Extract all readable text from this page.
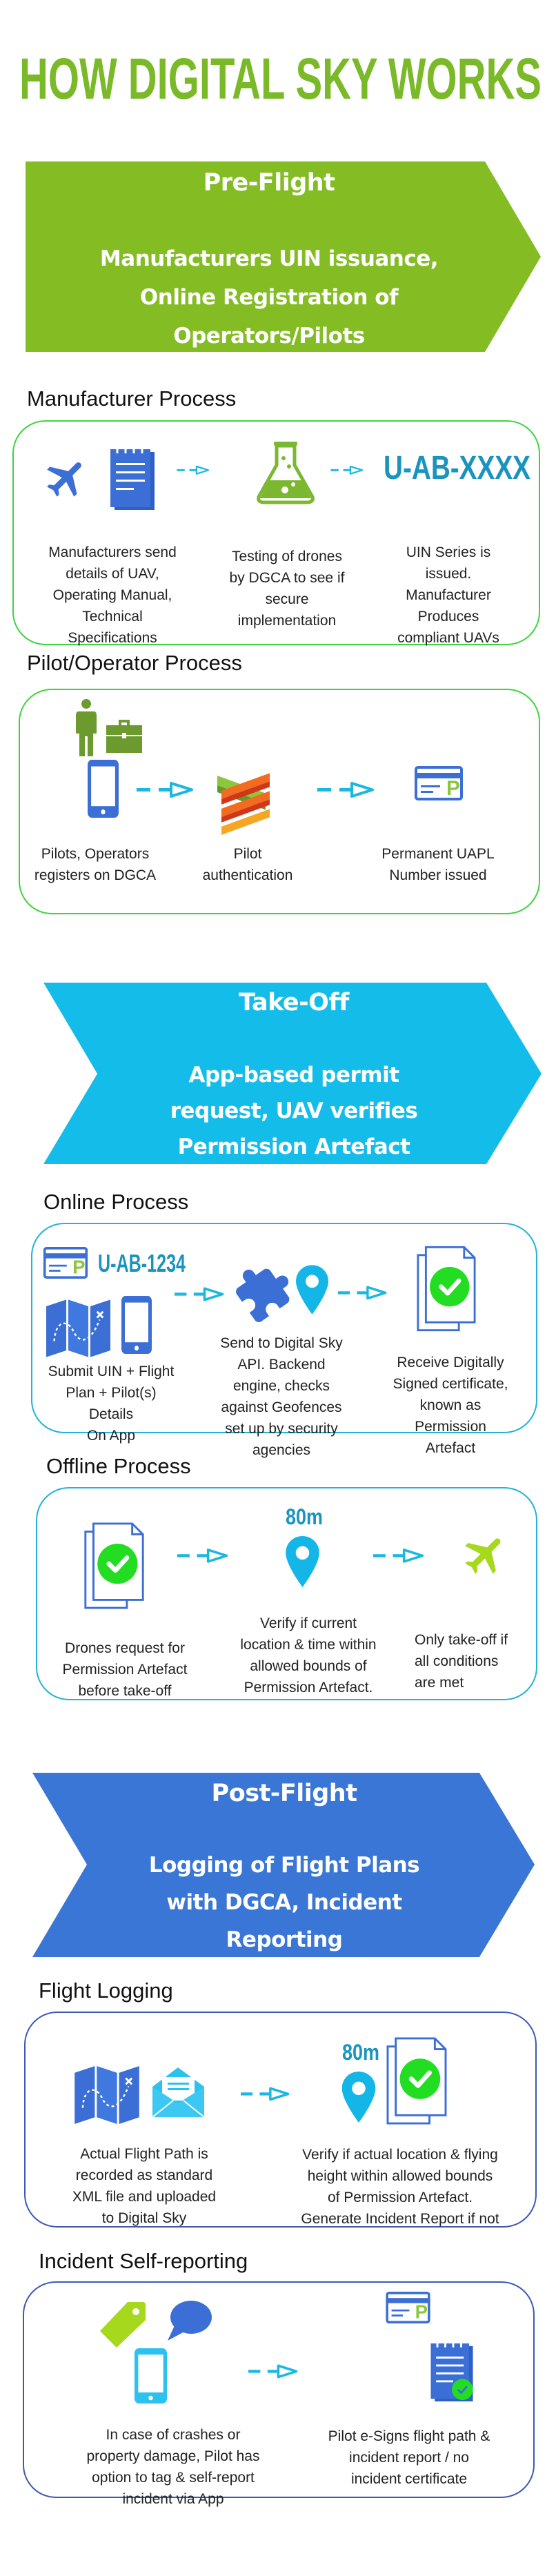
HOW DIGITAL SKY WORKS
Pre-Flight
Manufacturers UIN issuance,
Online Registration of
Operators/Pilots
Manufacturer Process
U-AB-XXXX
Manufacturers send
details of UAV,
Operating Manual,
Technical
Specifications
Testing of drones
by DGCA to see if
secure
implementation
UIN Series is
issued.
Manufacturer
Produces
compliant UAVs
Pilot/Operator Process
Pilots, Operators
registers on DGCA
Pilot
authentication
Permanent UAPL
Number issued
Take-Off
App-based permit
request, UAV verifies
Permission Artefact
Online Process
U-AB-1234
Submit UIN + Flight
Plan + Pilot(s)
Details
On App
Send to Digital Sky
API. Backend
engine, checks
against Geofences
set up by security
agencies
Receive Digitally
Signed certificate,
known as
Permission
Artefact
Offline Process
80m
Drones request for
Permission Artefact
before take-off
Verify if current
location & time within
allowed bounds of
Permission Artefact.
Only take-off if
all conditions
are met
Post-Flight
Logging of Flight Plans
with DGCA, Incident
Reporting
Flight Logging
80m
Actual Flight Path is
recorded as standard
XML file and uploaded
to Digital Sky
Verify if actual location & flying
height within allowed bounds
of Permission Artefact.
Generate Incident Report if not
Incident Self-reporting
In case of crashes or
property damage, Pilot has
option to tag & self-report
incident via App
Pilot e-Signs flight path &
incident report / no
incident certificate
